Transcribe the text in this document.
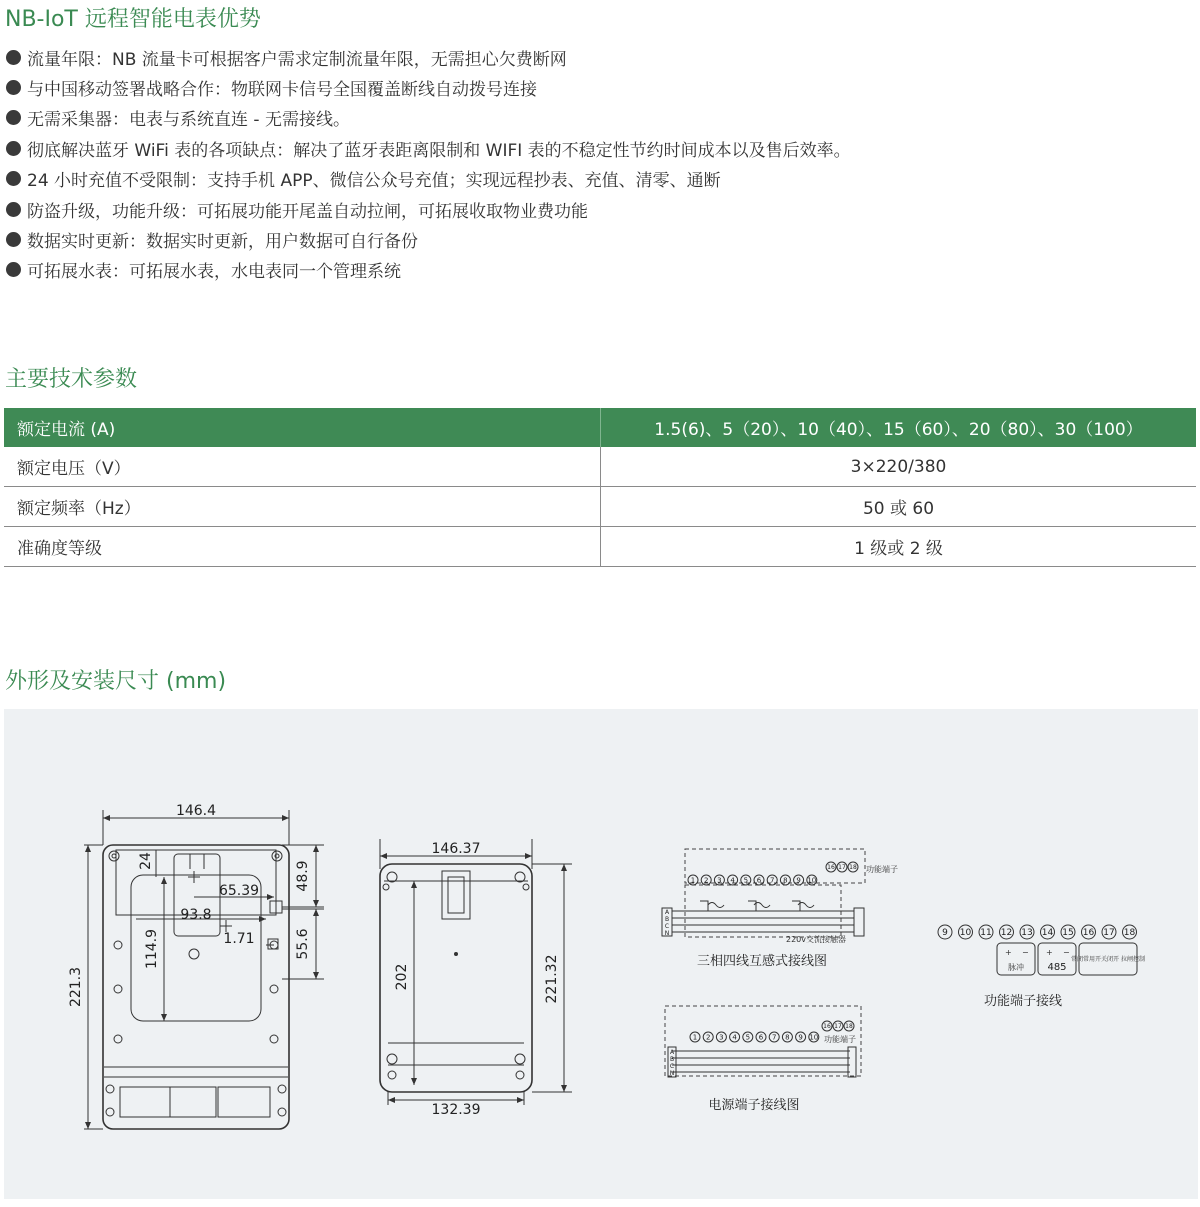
NB-IoT 远程智能电表优势
流量年限：NB 流量卡可根据客户需求定制流量年限，无需担心欠费断网
与中国移动签署战略合作：物联网卡信号全国覆盖断线自动拨号连接
无需采集器：电表与系统直连 - 无需接线。
彻底解决蓝牙 WiFi 表的各项缺点：解决了蓝牙表距离限制和 WIFI 表的不稳定性节约时间成本以及售后效率。
24 小时充值不受限制：支持手机 APP、微信公众号充值；实现远程抄表、充值、清零、通断
防盗升级，功能升级：可拓展功能开尾盖自动拉闸，可拓展收取物业费功能
数据实时更新：数据实时更新，用户数据可自行备份
可拓展水表：可拓展水表，水电表同一个管理系统
主要技术参数
额定电流 (A)	1.5(6)、5（20）、10（40）、15（60）、20（80）、30（100）
额定电压（V）	3×220/380
额定频率（Hz）	50 或 60
准确度等级	1 级或 2 级
外形及安装尺寸 (mm)
146.4
221.3
24	48.9
65.39
93.8
1.71
114.9	55.6
146.37
221.32
202
132.39
1 2 3 4 5 6 7 8 9 10
16 17 18 功能端子
220v交流接触器
三相四线互感式接线图
1 2 3 4 5 6 7 8 9 10
16 17 18
功能端子
电源端子接线图
9 10 11 12 13 14 15 16 17 18
+ −
脉冲
+ −
485
常闭常用开关闭开 拉闸控制
功能端子接线
A
B
C
N
A
B
C
N
